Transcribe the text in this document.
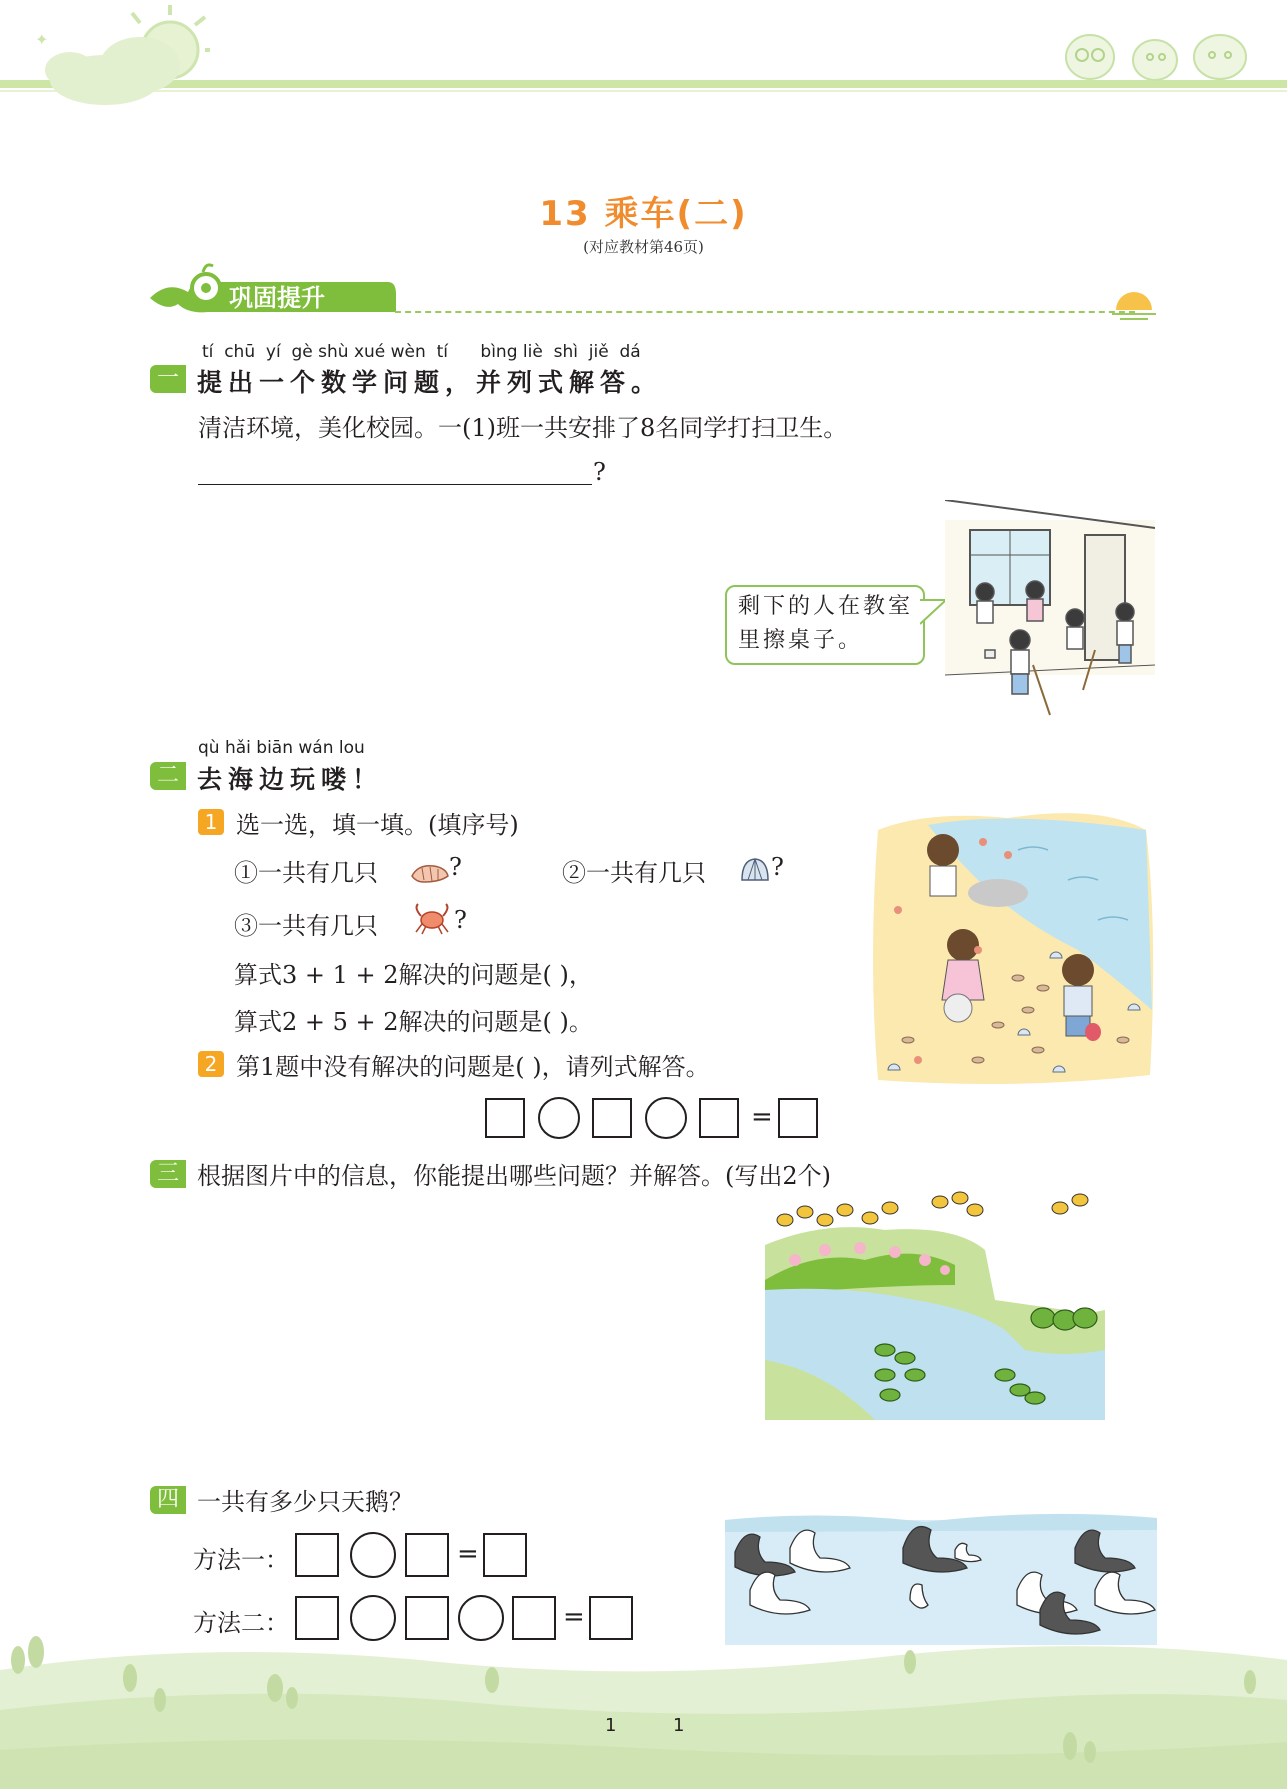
✦
13 乘车(二)
(对应教材第46页)
巩固提升
tí  chū  yí  gè shù xué wèn  tí      bìng liè  shì  jiě  dá
一 提出一个数学问题，并列式解答。
清洁环境，美化校园。一(1)班一共安排了8名同学打扫卫生。
?
剩下的人在教室里擦桌子。
qù hǎi biān wán lou
二 去海边玩喽！
1 选一选，填一填。(填序号)
①一共有几只	?	②一共有几只	?
③一共有几只	?
算式3 + 1 + 2解决的问题是( )，
算式2 + 5 + 2解决的问题是( )。
2 第1题中没有解决的问题是( )，请列式解答。
=
三 根据图片中的信息，你能提出哪些问题？并解答。(写出2个)
四 一共有多少只天鹅？
方法一：	=
方法二：	=
1	1
